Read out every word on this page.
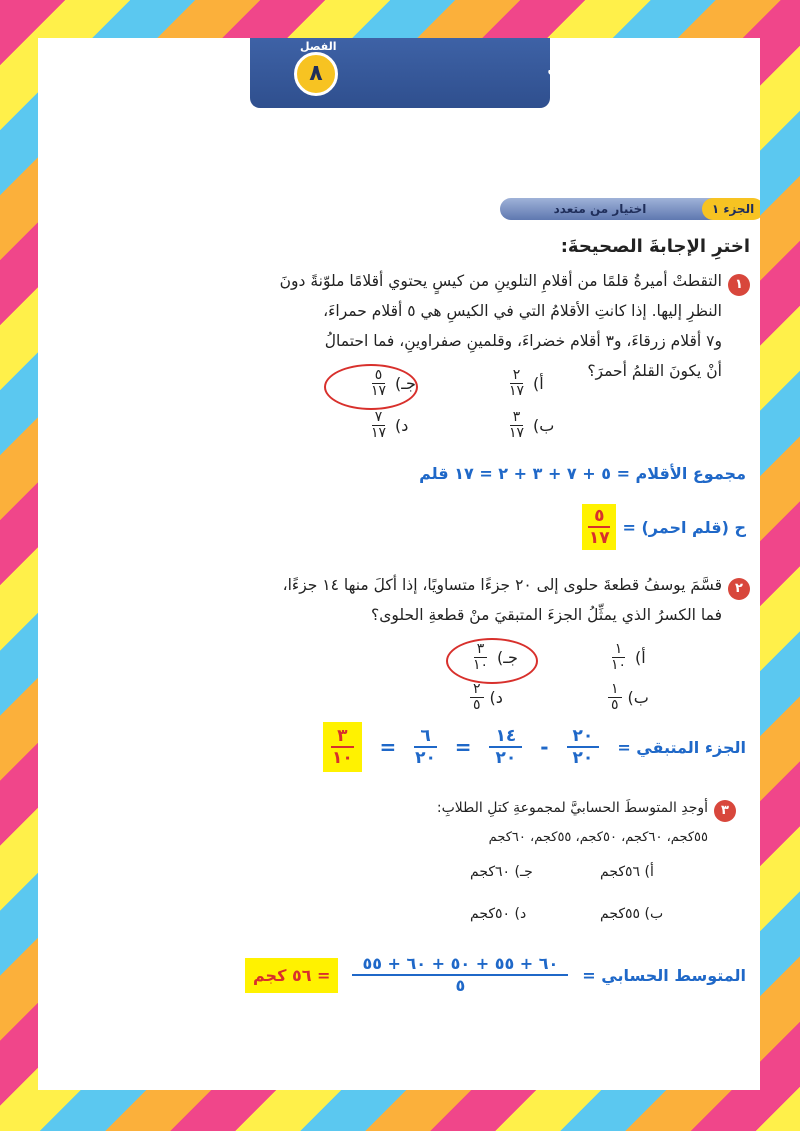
٨
الفصل
الاختبار التراكميّ
الفصل ٨
اختيار من متعدد	الجزء ١
اخترِ الإجابةَ الصحيحةَ:
١
التقطتْ أميرةُ قلمًا من أقلامِ التلوينِ من كيسٍ يحتوي أقلامًا ملوّنةً دونَ
النظرِ إليها. إذا كانتِ الأقلامُ التي في الكيسِ هي ٥ أقلام حمراءَ،
و٧ أقلام زرقاءَ، و٣ أقلام خضراءَ، وقلمينِ صفراوينِ، فما احتمالُ
أنْ يكونَ القلمُ أحمرَ؟
أ)
$\frac{٢}{١٧}$
جـ)
$\frac{٥}{١٧}$
ب)
$\frac{٣}{١٧}$
د)
$\frac{٧}{١٧}$
مجموع الأقلام = ٥ + ٧ + ٣ + ٢ = ١٧ قلم
ح (قلم احمر) =
$\frac{٥}{١٧}$
٢
قسَّمَ يوسفُ قطعةَ حلوى إلى ٢٠ جزءًا متساويًا، إذا أكلَ منها ١٤ جزءًا،
فما الكسرُ الذي يمثِّلُ الجزءَ المتبقيَ منْ قطعةِ الحلوى؟
أ)
$\frac{١}{١٠}$
جـ)
$\frac{٣}{١٠}$
ب)
$\frac{١}{٥}$
د)
$\frac{٢}{٥}$
الجزء المتبقي =
$\frac{٢٠}{٢٠}$
-
$\frac{١٤}{٢٠}$
=
$\frac{٦}{٢٠}$
=
$\frac{٣}{١٠}$
٣
أوجدِ المتوسطَ الحسابيَّ لمجموعةِ كتلِ الطلابِ:
٥٥كجم، ٦٠كجم، ٥٠كجم، ٥٥كجم، ٦٠كجم
أ) ٥٦كجم
جـ) ٦٠كجم
ب) ٥٥كجم
د) ٥٠كجم
المتوسط الحسابي =
$\frac{٦٠ + ٥٥ + ٥٠ + ٦٠ + ٥٥}{٥}$
= ٥٦ كجم
